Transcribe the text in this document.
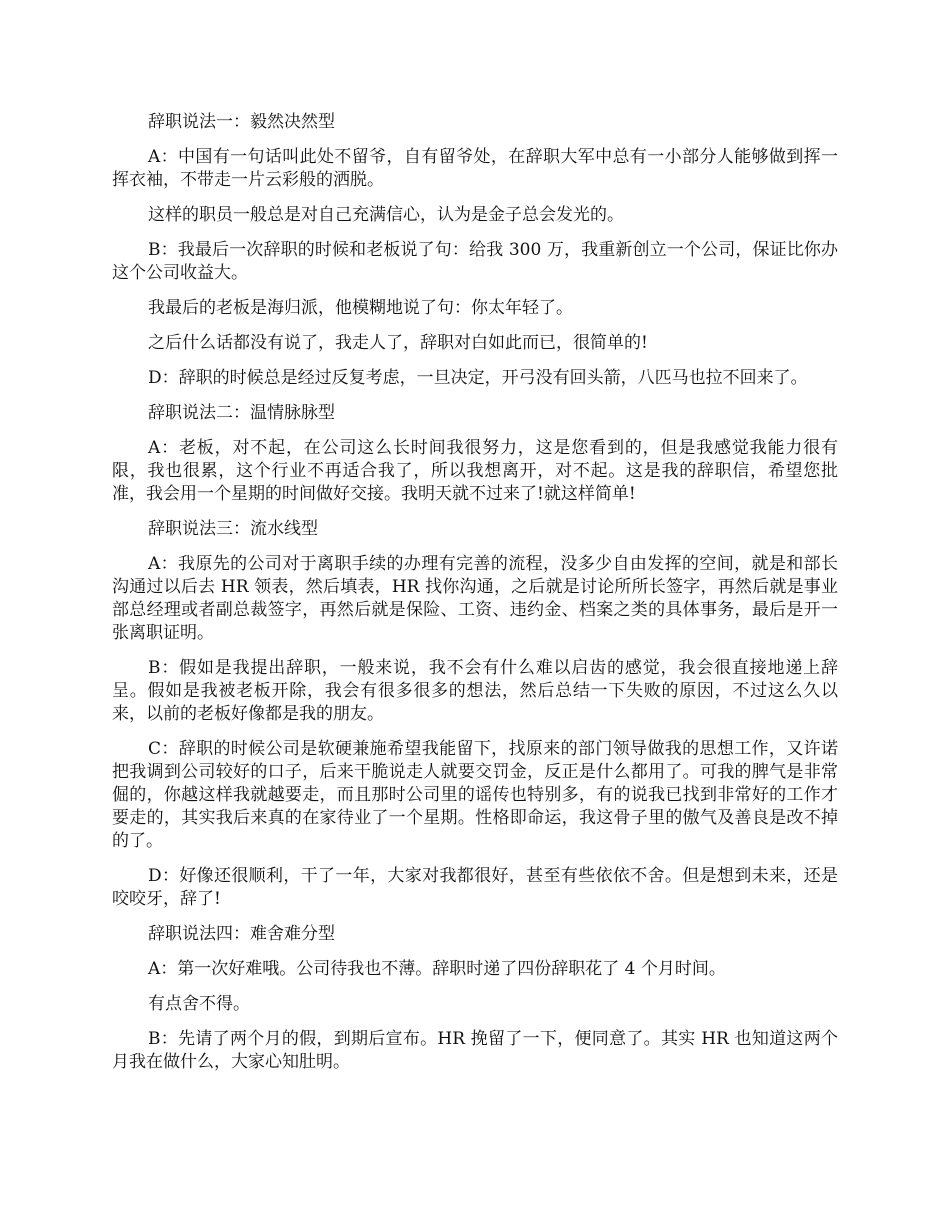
辞职说法一：毅然决然型

A：中国有一句话叫此处不留爷，自有留爷处，在辞职大军中总有一小部分人能够做到挥一挥衣袖，不带走一片云彩般的洒脱。

这样的职员一般总是对自己充满信心，认为是金子总会发光的。

B：我最后一次辞职的时候和老板说了句：给我 300 万，我重新创立一个公司，保证比你办这个公司收益大。

我最后的老板是海归派，他模糊地说了句：你太年轻了。

之后什么话都没有说了，我走人了，辞职对白如此而已，很简单的!

D：辞职的时候总是经过反复考虑，一旦决定，开弓没有回头箭，八匹马也拉不回来了。

辞职说法二：温情脉脉型

A：老板，对不起，在公司这么长时间我很努力，这是您看到的，但是我感觉我能力很有限，我也很累，这个行业不再适合我了，所以我想离开，对不起。这是我的辞职信，希望您批准，我会用一个星期的时间做好交接。我明天就不过来了!就这样简单!

辞职说法三：流水线型

A：我原先的公司对于离职手续的办理有完善的流程，没多少自由发挥的空间，就是和部长沟通过以后去 HR 领表，然后填表，HR 找你沟通，之后就是讨论所所长签字，再然后就是事业部总经理或者副总裁签字，再然后就是保险、工资、违约金、档案之类的具体事务，最后是开一张离职证明。

B：假如是我提出辞职，一般来说，我不会有什么难以启齿的感觉，我会很直接地递上辞呈。假如是我被老板开除，我会有很多很多的想法，然后总结一下失败的原因，不过这么久以来，以前的老板好像都是我的朋友。

C：辞职的时候公司是软硬兼施希望我能留下，找原来的部门领导做我的思想工作，又许诺把我调到公司较好的口子，后来干脆说走人就要交罚金，反正是什么都用了。可我的脾气是非常倔的，你越这样我就越要走，而且那时公司里的谣传也特别多，有的说我已找到非常好的工作才要走的，其实我后来真的在家待业了一个星期。性格即命运，我这骨子里的傲气及善良是改不掉的了。

D：好像还很顺利，干了一年，大家对我都很好，甚至有些依依不舍。但是想到未来，还是咬咬牙，辞了!

辞职说法四：难舍难分型

A：第一次好难哦。公司待我也不薄。辞职时递了四份辞职花了 4 个月时间。

有点舍不得。

B：先请了两个月的假，到期后宣布。HR 挽留了一下，便同意了。其实 HR 也知道这两个月我在做什么，大家心知肚明。
